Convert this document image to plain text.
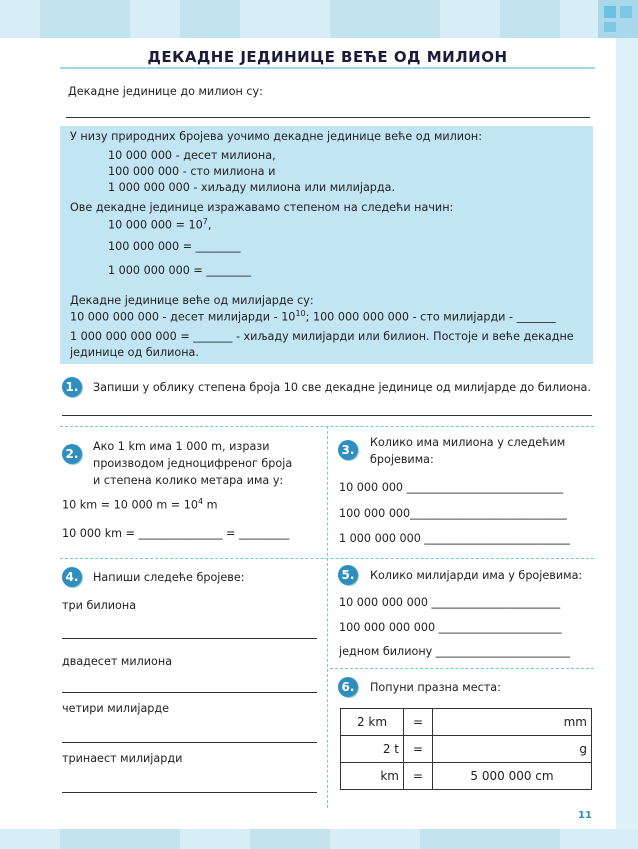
ДЕКАДНЕ ЈЕДИНИЦЕ ВЕЋЕ ОД МИЛИОН
Декадне јединице до милион су:
У низу природних бројева уочимо декадне јединице веће од милион:
10 000 000 - десет милиона,
100 000 000 - сто милиона и
1 000 000 000 - хиљаду милиона или милијарда.
Ове декадне јединице изражавамо степеном на следећи начин:
10 000 $000 = 10^7$,
100 000 000 = ________
1 000 000 000 = ________
Декадне јединице веће од милијарде су:
10 000 000 000 - десет милијарди - $10^{10}$; 100 000 000 000 - сто милијарди - _______
1 000 000 000 000 = _______ - хиљаду милијарди или билион. Постоје и веће декадне
јединице од билиона.
1.	Запиши у облику степена броја 10 све декадне јединице од милијарде до билиона.
2.
Ако 1 km има 1 000 m, изрази
производом једноцифреног броја
и степена колико метара има у:
10 km = 10 000 $m = 10^4$ m
10 000 km = _______________ = _________
3.
Колико има милиона у следећим
бројевима:
10 000 000 ____________________________
100 000 000____________________________
1 000 000 000 __________________________
4.	Напиши следеће бројеве:
три билиона
двадесет милиона
четири милијарде
тринаест милијарди
5.	Колико милијарди има у бројевима:
10 000 000 000 _______________________
100 000 000 000 ______________________
једном билиону ________________________
6.	Попуни празна места:
2 km	=	mm
2 t	=	g
km	=	5 000 000 cm
11
